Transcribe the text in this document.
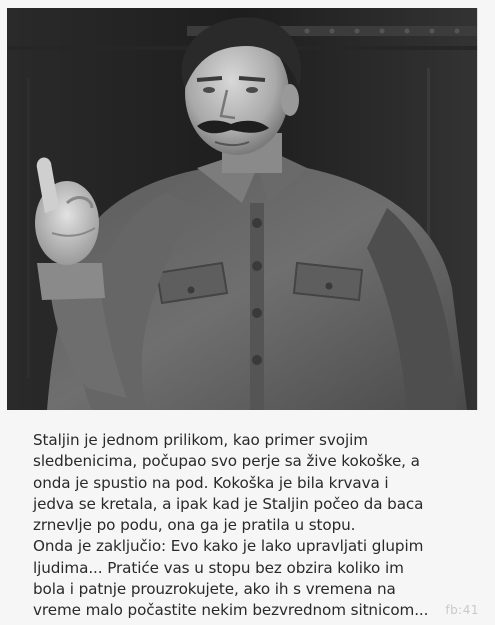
Staljin je jednom prilikom, kao primer svojim

sledbenicima, počupao svo perje sa žive kokoške, a

onda je spustio na pod. Kokoška je bila krvava i

jedva se kretala, a ipak kad je Staljin počeo da baca

zrnevlje po podu, ona ga je pratila u stopu.

Onda je zaključio: Evo kako je lako upravljati glupim

ljudima... Pratiće vas u stopu bez obzira koliko im

bola i patnje prouzrokujete, ako ih s vremena na

vreme malo počastite nekim bezvrednom sitnicom...	fb:41
